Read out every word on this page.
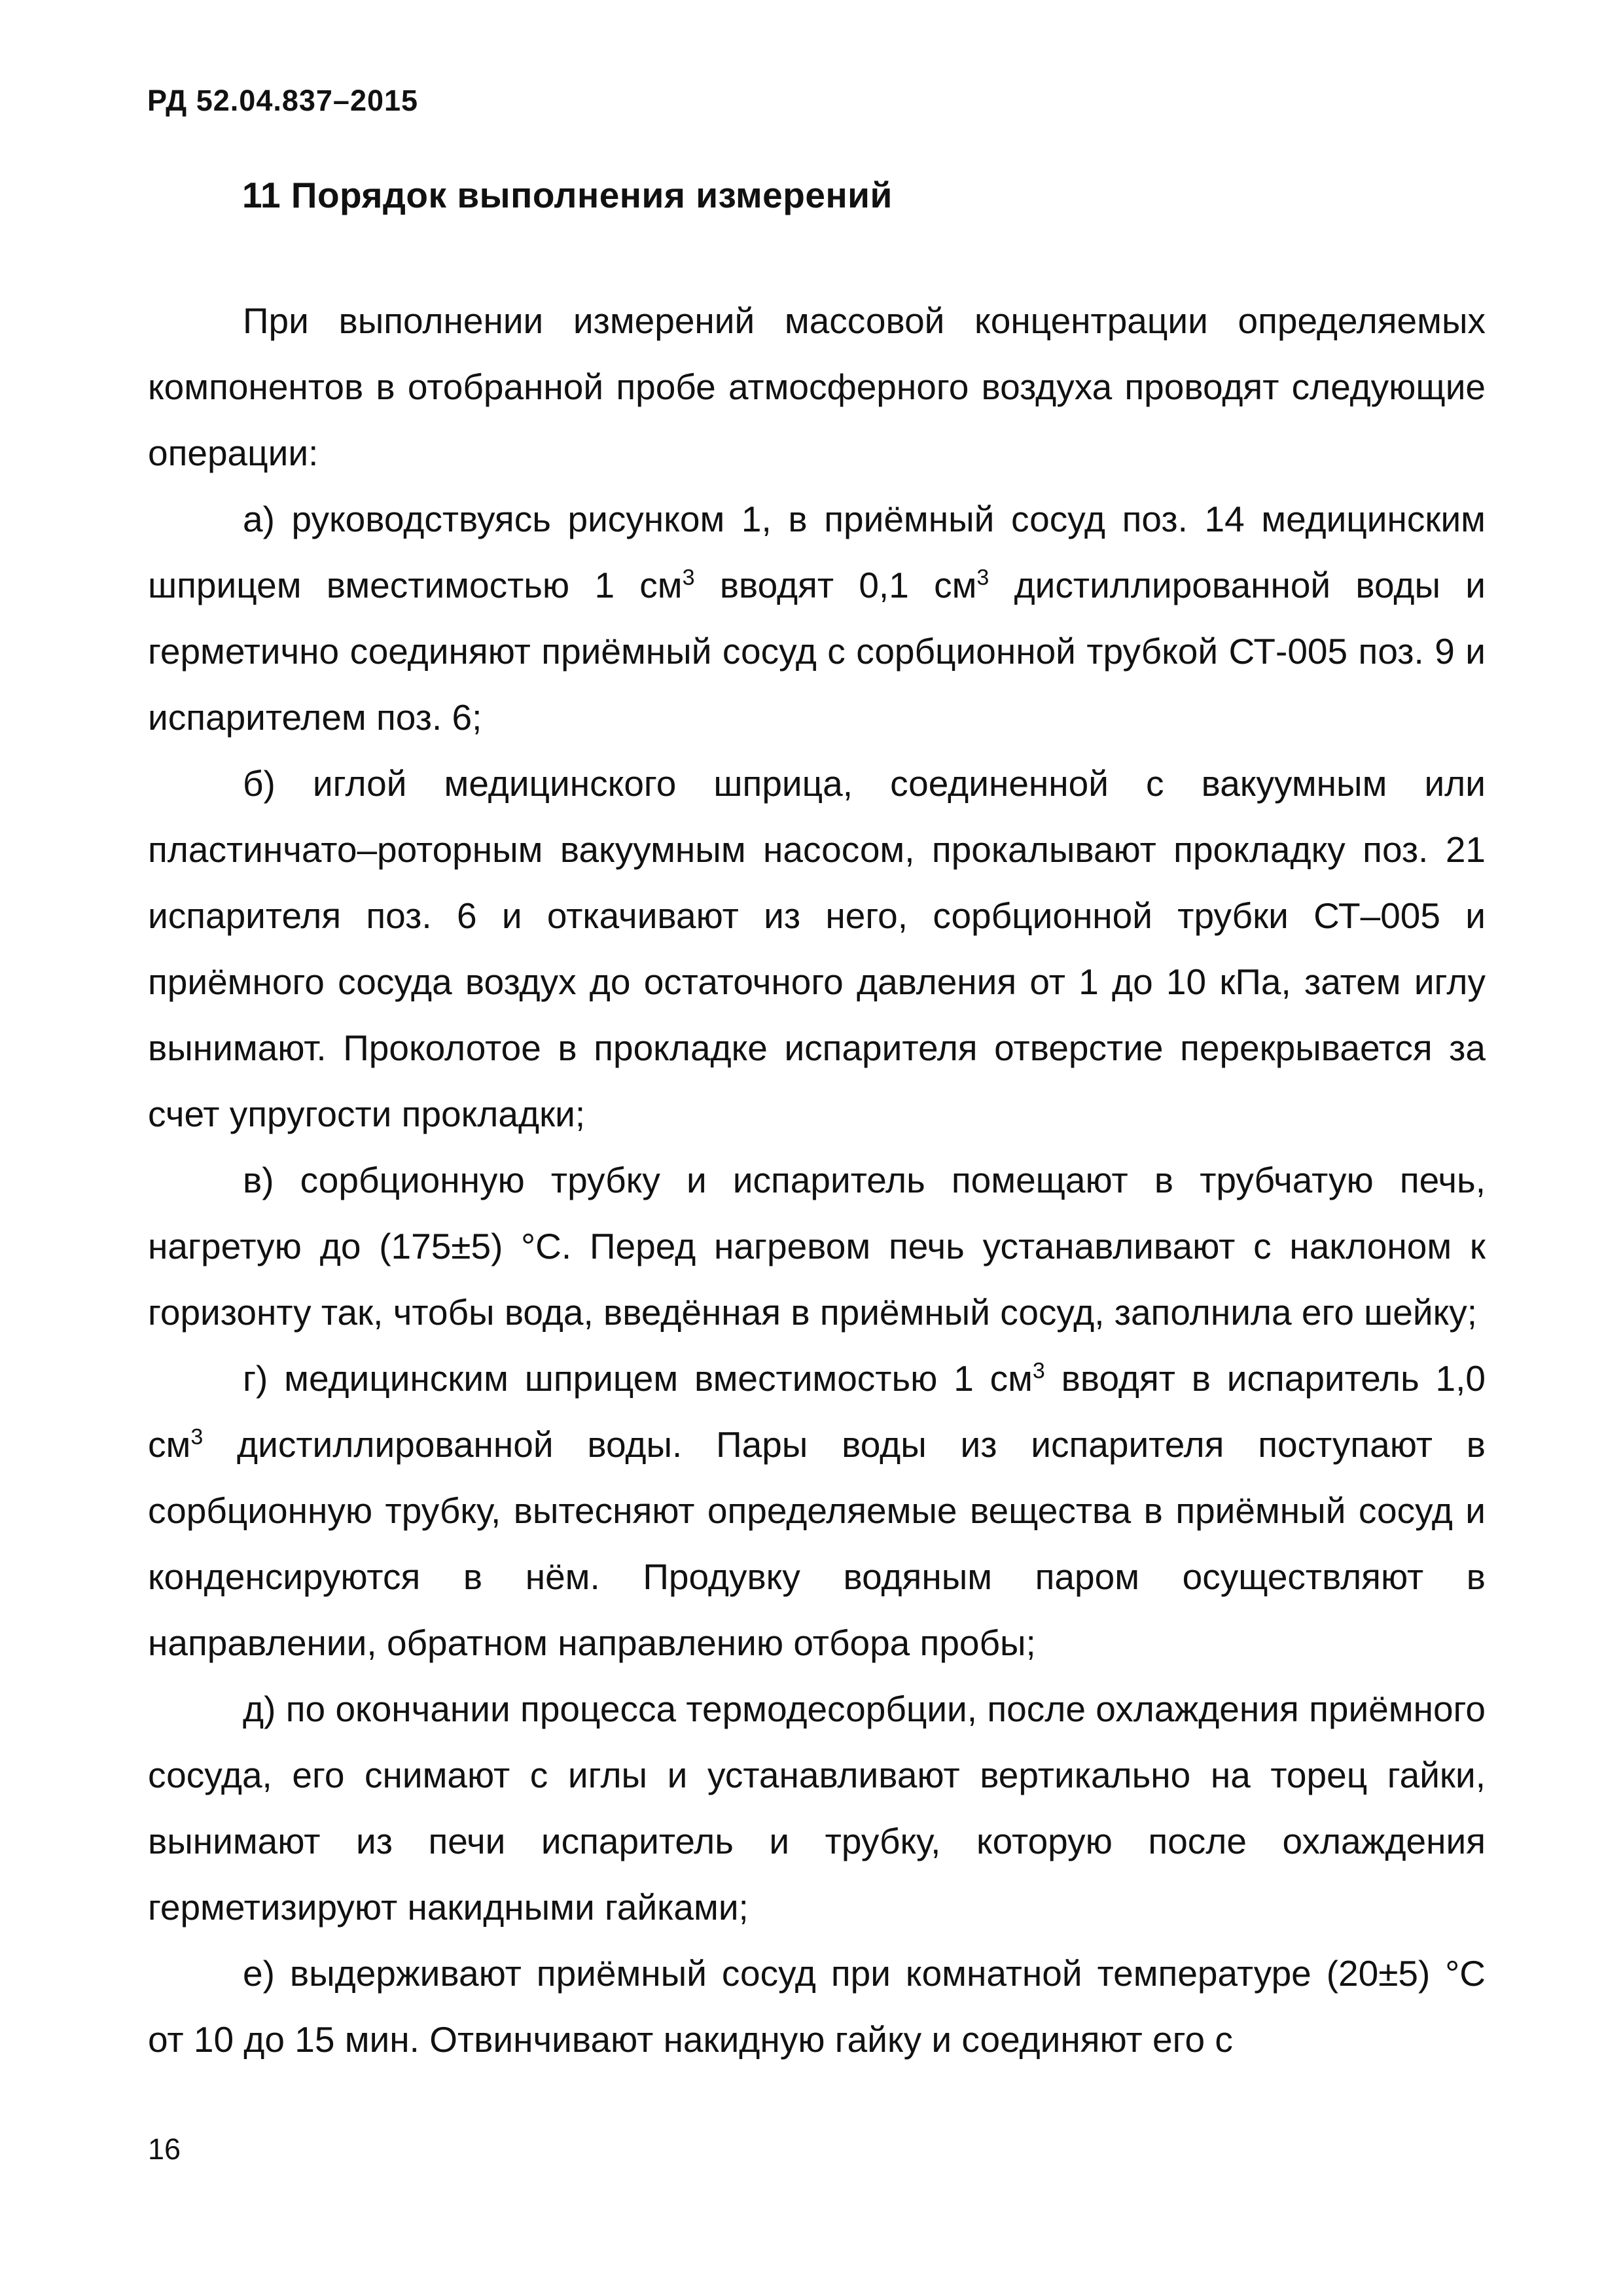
РД 52.04.837–2015
11 Порядок выполнения измерений

При выполнении измерений массовой концентрации определяемых компонентов в отобранной пробе атмосферного воздуха проводят следующие операции:

а) руководствуясь рисунком 1, в приёмный сосуд поз. 14 медицинским шприцем вместимостью 1 $см^3$ вводят 0,1 $см^3$ дистиллированной воды и герметично соединяют приёмный сосуд с сорбционной трубкой СТ-005 поз. 9 и испарителем поз. 6;

б) иглой медицинского шприца, соединенной с вакуумным или пластинчато–роторным вакуумным насосом, прокалывают прокладку поз. 21 испарителя поз. 6 и откачивают из него, сорбционной трубки СТ–005 и приёмного сосуда воздух до остаточного давления от 1 до 10 кПа, затем иглу вынимают. Проколотое в прокладке испарителя отверстие перекрывается за счет упругости прокладки;

в) сорбционную трубку и испаритель помещают в трубчатую печь, нагретую до (175±5) °С. Перед нагревом печь устанавливают с наклоном к горизонту так, чтобы вода, введённая в приёмный сосуд, заполнила его шейку;

г) медицинским шприцем вместимостью 1 $см^3$ вводят в испаритель 1,0 $см^3$ дистиллированной воды. Пары воды из испарителя поступают в сорбционную трубку, вытесняют определяемые вещества в приёмный сосуд и конденсируются в нём. Продувку водяным паром осуществляют в направлении, обратном направлению отбора пробы;

д) по окончании процесса термодесорбции, после охлаждения приёмного сосуда, его снимают с иглы и устанавливают вертикально на торец гайки, вынимают из печи испаритель и трубку, которую после охлаждения герметизируют накидными гайками;

е) выдерживают приёмный сосуд при комнатной температуре (20±5) °С от 10 до 15 мин. Отвинчивают накидную гайку и соединяют его с

16
